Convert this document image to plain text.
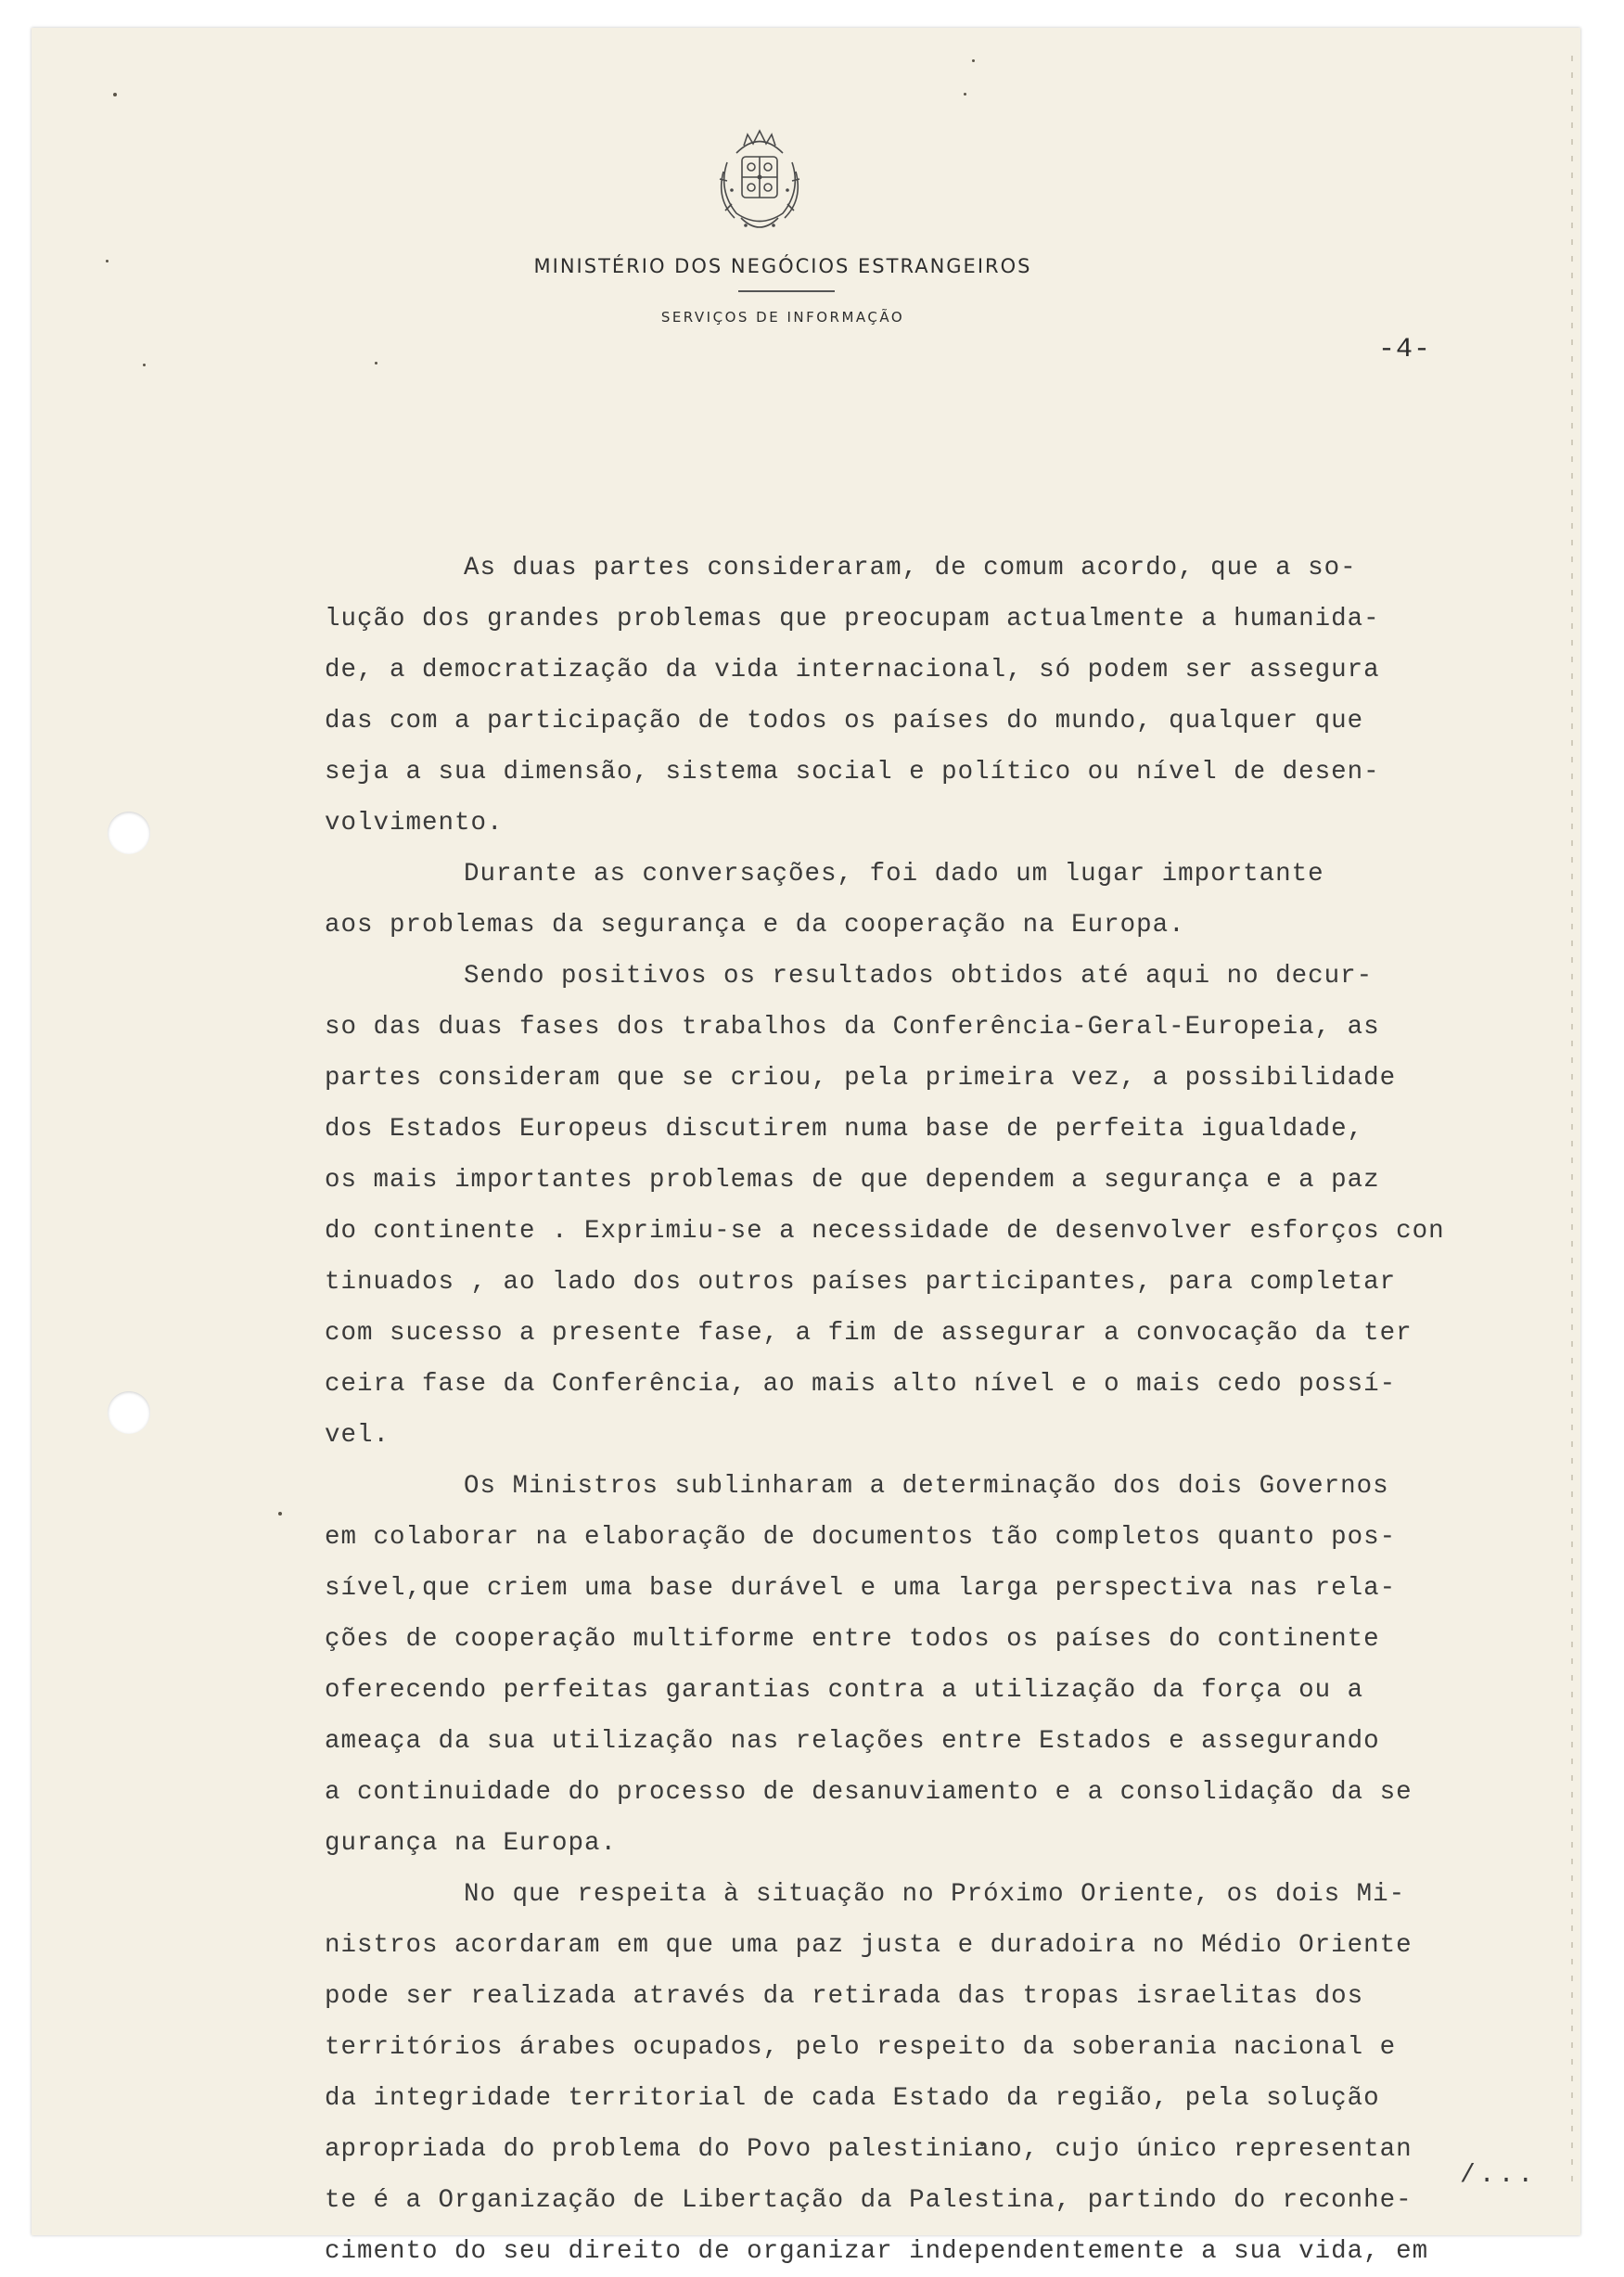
MINISTÉRIO DOS NEGÓCIOS ESTRANGEIROS
SERVIÇOS DE INFORMAÇÃO
-4-
As duas partes consideraram, de comum acordo, que a so-
lução dos grandes problemas que preocupam actualmente a humanida-
de, a democratização da vida internacional, só podem ser assegura
das com a participação de todos os países do mundo, qualquer que
seja a sua dimensão, sistema social e político ou nível de desen-
volvimento.
Durante as conversações, foi dado um lugar importante
aos problemas da segurança e da cooperação na Europa.
Sendo positivos os resultados obtidos até aqui no decur-
so das duas fases dos trabalhos da Conferência-Geral-Europeia, as
partes consideram que se criou, pela primeira vez, a possibilidade
dos Estados Europeus discutirem numa base de perfeita igualdade,
os mais importantes problemas de que dependem a segurança e a paz
do continente . Exprimiu-se a necessidade de desenvolver esforços con
tinuados , ao lado dos outros países participantes, para completar
com sucesso a presente fase, a fim de assegurar a convocação da ter
ceira fase da Conferência, ao mais alto nível e o mais cedo possí-
vel.
Os Ministros sublinharam a determinação dos dois Governos
em colaborar na elaboração de documentos tão completos quanto pos-
sível,que criem uma base durável e uma larga perspectiva nas rela-
ções de cooperação multiforme entre todos os países do continente
oferecendo perfeitas garantias contra a utilização da força ou a
ameaça da sua utilização nas relações entre Estados e assegurando
a continuidade do processo de desanuviamento e a consolidação da se
gurança na Europa.
No que respeita à situação no Próximo Oriente, os dois Mi-
nistros acordaram em que uma paz justa e duradoira no Médio Oriente
pode ser realizada através da retirada das tropas israelitas dos
territórios árabes ocupados, pelo respeito da soberania nacional e
da integridade territorial de cada Estado da região, pela solução
apropriada do problema do Povo palestiniano, cujo único representan
te é a Organização de Libertação da Palestina, partindo do reconhe-
cimento do seu direito de organizar independentemente a sua vida, em
/...
